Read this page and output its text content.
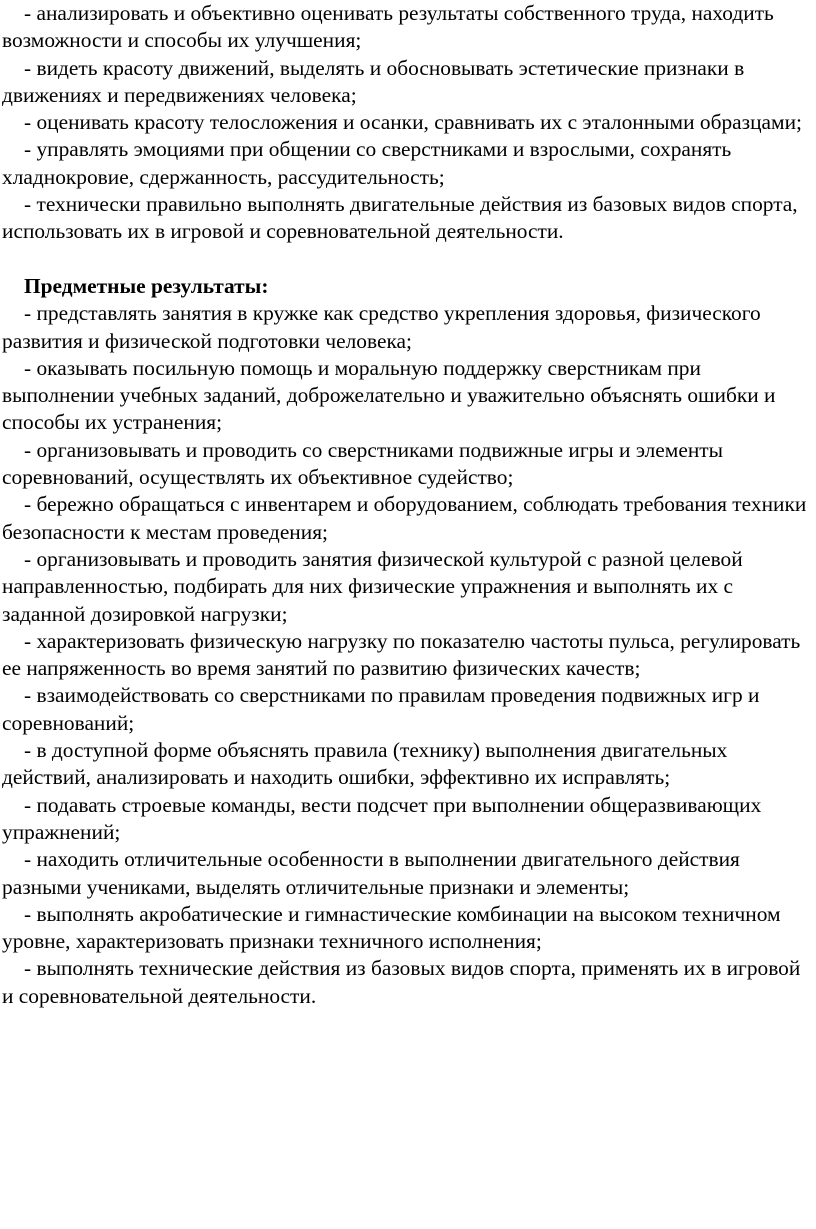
- анализировать и объективно оценивать результаты собственного труда, находить возможности и способы их улучшения;

- видеть красоту движений, выделять и обосновывать эстетические признаки в движениях и передвижениях человека;

- оценивать красоту телосложения и осанки, сравнивать их с эталонными образцами;

- управлять эмоциями при общении со сверстниками и взрослыми, сохранять хладнокровие, сдержанность, рассудительность;

- технически правильно выполнять двигательные действия из базовых видов спорта, использовать их в игровой и соревновательной деятельности.

Предметные результаты:

- представлять занятия в кружке как средство укрепления здоровья, физического развития и физической подготовки человека;

- оказывать посильную помощь и моральную поддержку сверстникам при выполнении учебных заданий, доброжелательно и уважительно объяснять ошибки и способы их устранения;

- организовывать и проводить со сверстниками подвижные игры и элементы соревнований, осуществлять их объективное судейство;

- бережно обращаться с инвентарем и оборудованием, соблюдать требования техники безопасности к местам проведения;

- организовывать и проводить занятия физической культурой с разной целевой направленностью, подбирать для них физические упражнения и выполнять их с заданной дозировкой нагрузки;

- характеризовать физическую нагрузку по показателю частоты пульса, регулировать ее напряженность во время занятий по развитию физических качеств;

- взаимодействовать со сверстниками по правилам проведения подвижных игр и соревнований;

- в доступной форме объяснять правила (технику) выполнения двигательных действий, анализировать и находить ошибки, эффективно их исправлять;

- подавать строевые команды, вести подсчет при выполнении общеразвивающих упражнений;

- находить отличительные особенности в выполнении двигательного действия разными учениками, выделять отличительные признаки и элементы;

- выполнять акробатические и гимнастические комбинации на высоком техничном уровне, характеризовать признаки техничного исполнения;

- выполнять технические действия из базовых видов спорта, применять их в игровой и соревновательной деятельности.
